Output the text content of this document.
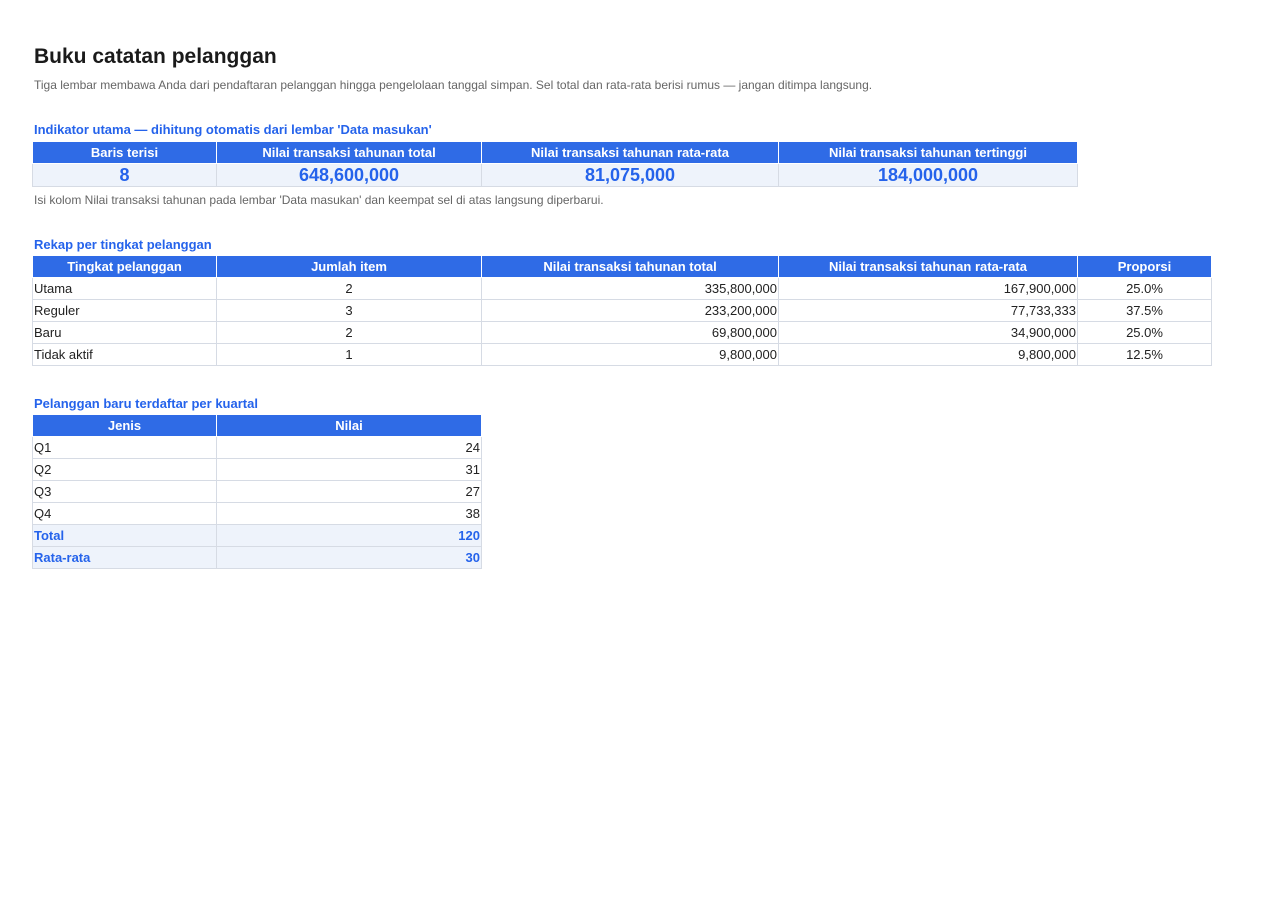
Buku catatan pelanggan
Tiga lembar membawa Anda dari pendaftaran pelanggan hingga pengelolaan tanggal simpan. Sel total dan rata-rata berisi rumus — jangan ditimpa langsung.
Indikator utama — dihitung otomatis dari lembar 'Data masukan'
Baris terisi	Nilai transaksi tahunan total	Nilai transaksi tahunan rata-rata	Nilai transaksi tahunan tertinggi
8	648,600,000	81,075,000	184,000,000
Isi kolom Nilai transaksi tahunan pada lembar 'Data masukan' dan keempat sel di atas langsung diperbarui.
Rekap per tingkat pelanggan
Tingkat pelanggan	Jumlah item	Nilai transaksi tahunan total	Nilai transaksi tahunan rata-rata	Proporsi
Utama	2	335,800,000	167,900,000	25.0%
Reguler	3	233,200,000	77,733,333	37.5%
Baru	2	69,800,000	34,900,000	25.0%
Tidak aktif	1	9,800,000	9,800,000	12.5%
Pelanggan baru terdaftar per kuartal
Jenis	Nilai
Q1	24
Q2	31
Q3	27
Q4	38
Total	120
Rata-rata	30
